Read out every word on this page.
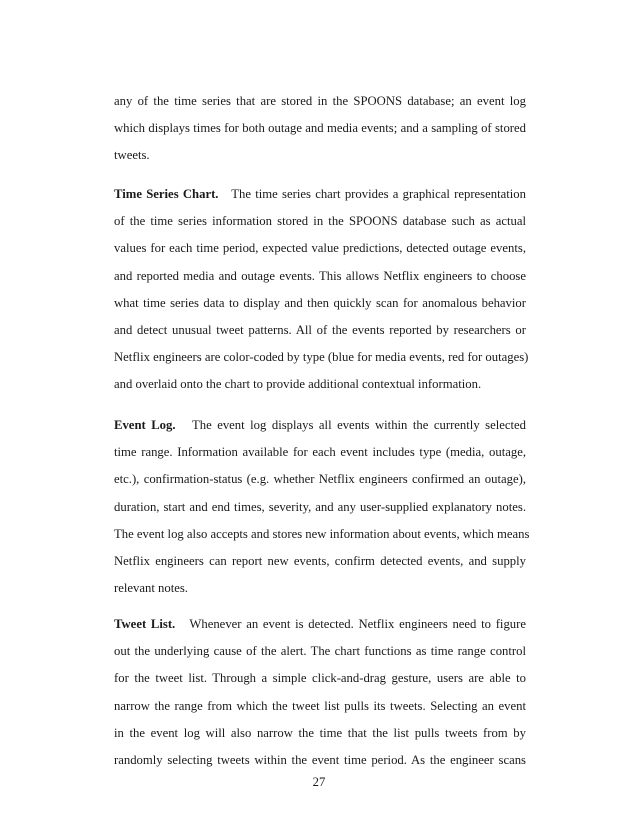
any of the time series that are stored in the SPOONS database; an event log
which displays times for both outage and media events; and a sampling of stored
tweets.
Time Series Chart. The time series chart provides a graphical representation
of the time series information stored in the SPOONS database such as actual
values for each time period, expected value predictions, detected outage events,
and reported media and outage events. This allows Netflix engineers to choose
what time series data to display and then quickly scan for anomalous behavior
and detect unusual tweet patterns. All of the events reported by researchers or
Netflix engineers are color-coded by type (blue for media events, red for outages)
and overlaid onto the chart to provide additional contextual information.
Event Log. The event log displays all events within the currently selected
time range. Information available for each event includes type (media, outage,
etc.), confirmation-status (e.g. whether Netflix engineers confirmed an outage),
duration, start and end times, severity, and any user-supplied explanatory notes.
The event log also accepts and stores new information about events, which means
Netflix engineers can report new events, confirm detected events, and supply
relevant notes.
Tweet List. Whenever an event is detected. Netflix engineers need to figure
out the underlying cause of the alert. The chart functions as time range control
for the tweet list. Through a simple click-and-drag gesture, users are able to
narrow the range from which the tweet list pulls its tweets. Selecting an event
in the event log will also narrow the time that the list pulls tweets from by
randomly selecting tweets within the event time period. As the engineer scans
27
